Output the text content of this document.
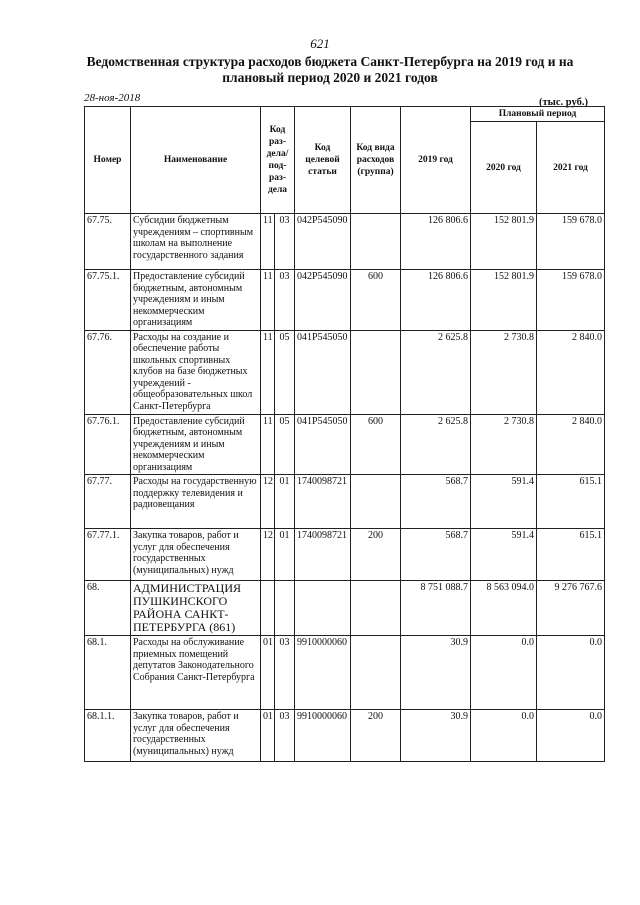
621
Ведомственная структура расходов бюджета Санкт-Петербурга на 2019 год и на плановый период 2020 и 2021 годов
28-ноя-2018	(тыс. руб.)
Номер	Наименование	Код раз-дела/ под-раз-дела		Код целевой статьи	Код вида расходов (группа)	2019 год	Плановый период	
							2020 год	2021 год
67.75.	Субсидии бюджетным учреждениям – спортивным школам на выполнение государственного задания	11	03	042P545090		126 806.6	152 801.9	159 678.0
67.75.1.	Предоставление субсидий бюджетным, автономным учреждениям и иным некоммерческим организациям	11	03	042P545090	600	126 806.6	152 801.9	159 678.0
67.76.	Расходы на создание и обеспечение работы школьных спортивных клубов на базе бюджетных учреждений - общеобразовательных школ Санкт-Петербурга	11	05	041P545050		2 625.8	2 730.8	2 840.0
67.76.1.	Предоставление субсидий бюджетным, автономным учреждениям и иным некоммерческим организациям	11	05	041P545050	600	2 625.8	2 730.8	2 840.0
67.77.	Расходы на государственную поддержку телевидения и радиовещания	12	01	1740098721		568.7	591.4	615.1
67.77.1.	Закупка товаров, работ и услуг для обеспечения государственных (муниципальных) нужд	12	01	1740098721	200	568.7	591.4	615.1
68.	АДМИНИСТРАЦИЯ ПУШКИНСКОГО РАЙОНА САНКТ-ПЕТЕРБУРГА (861)					8 751 088.7	8 563 094.0	9 276 767.6
68.1.	Расходы на обслуживание приемных помещений депутатов Законодательного Собрания Санкт-Петербурга	01	03	9910000060		30.9	0.0	0.0
68.1.1.	Закупка товаров, работ и услуг для обеспечения государственных (муниципальных) нужд	01	03	9910000060	200	30.9	0.0	0.0
